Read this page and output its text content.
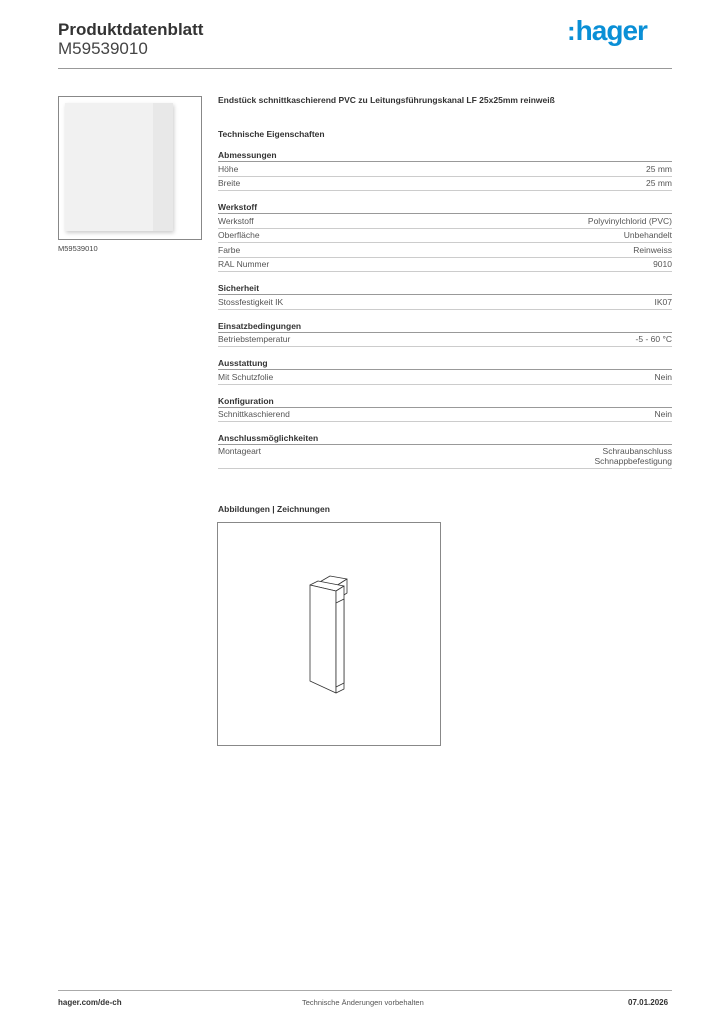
Produktdatenblatt
M59539010
:hager
M59539010
Endstück schnittkaschierend PVC zu Leitungsführungskanal LF 25x25mm reinweiß
Technische Eigenschaften
Abmessungen
Höhe	25 mm
Breite	25 mm
Werkstoff
Werkstoff	Polyvinylchlorid (PVC)
Oberfläche	Unbehandelt
Farbe	Reinweiss
RAL Nummer	9010
Sicherheit
Stossfestigkeit IK	IK07
Einsatzbedingungen
Betriebstemperatur	-5 - 60 °C
Ausstattung
Mit Schutzfolie	Nein
Konfiguration
Schnittkaschierend	Nein
Anschlussmöglichkeiten
Montageart	Schraubanschluss
Schnappbefestigung
Abbildungen | Zeichnungen
hager.com/de-ch	Technische Änderungen vorbehalten	07.01.2026
